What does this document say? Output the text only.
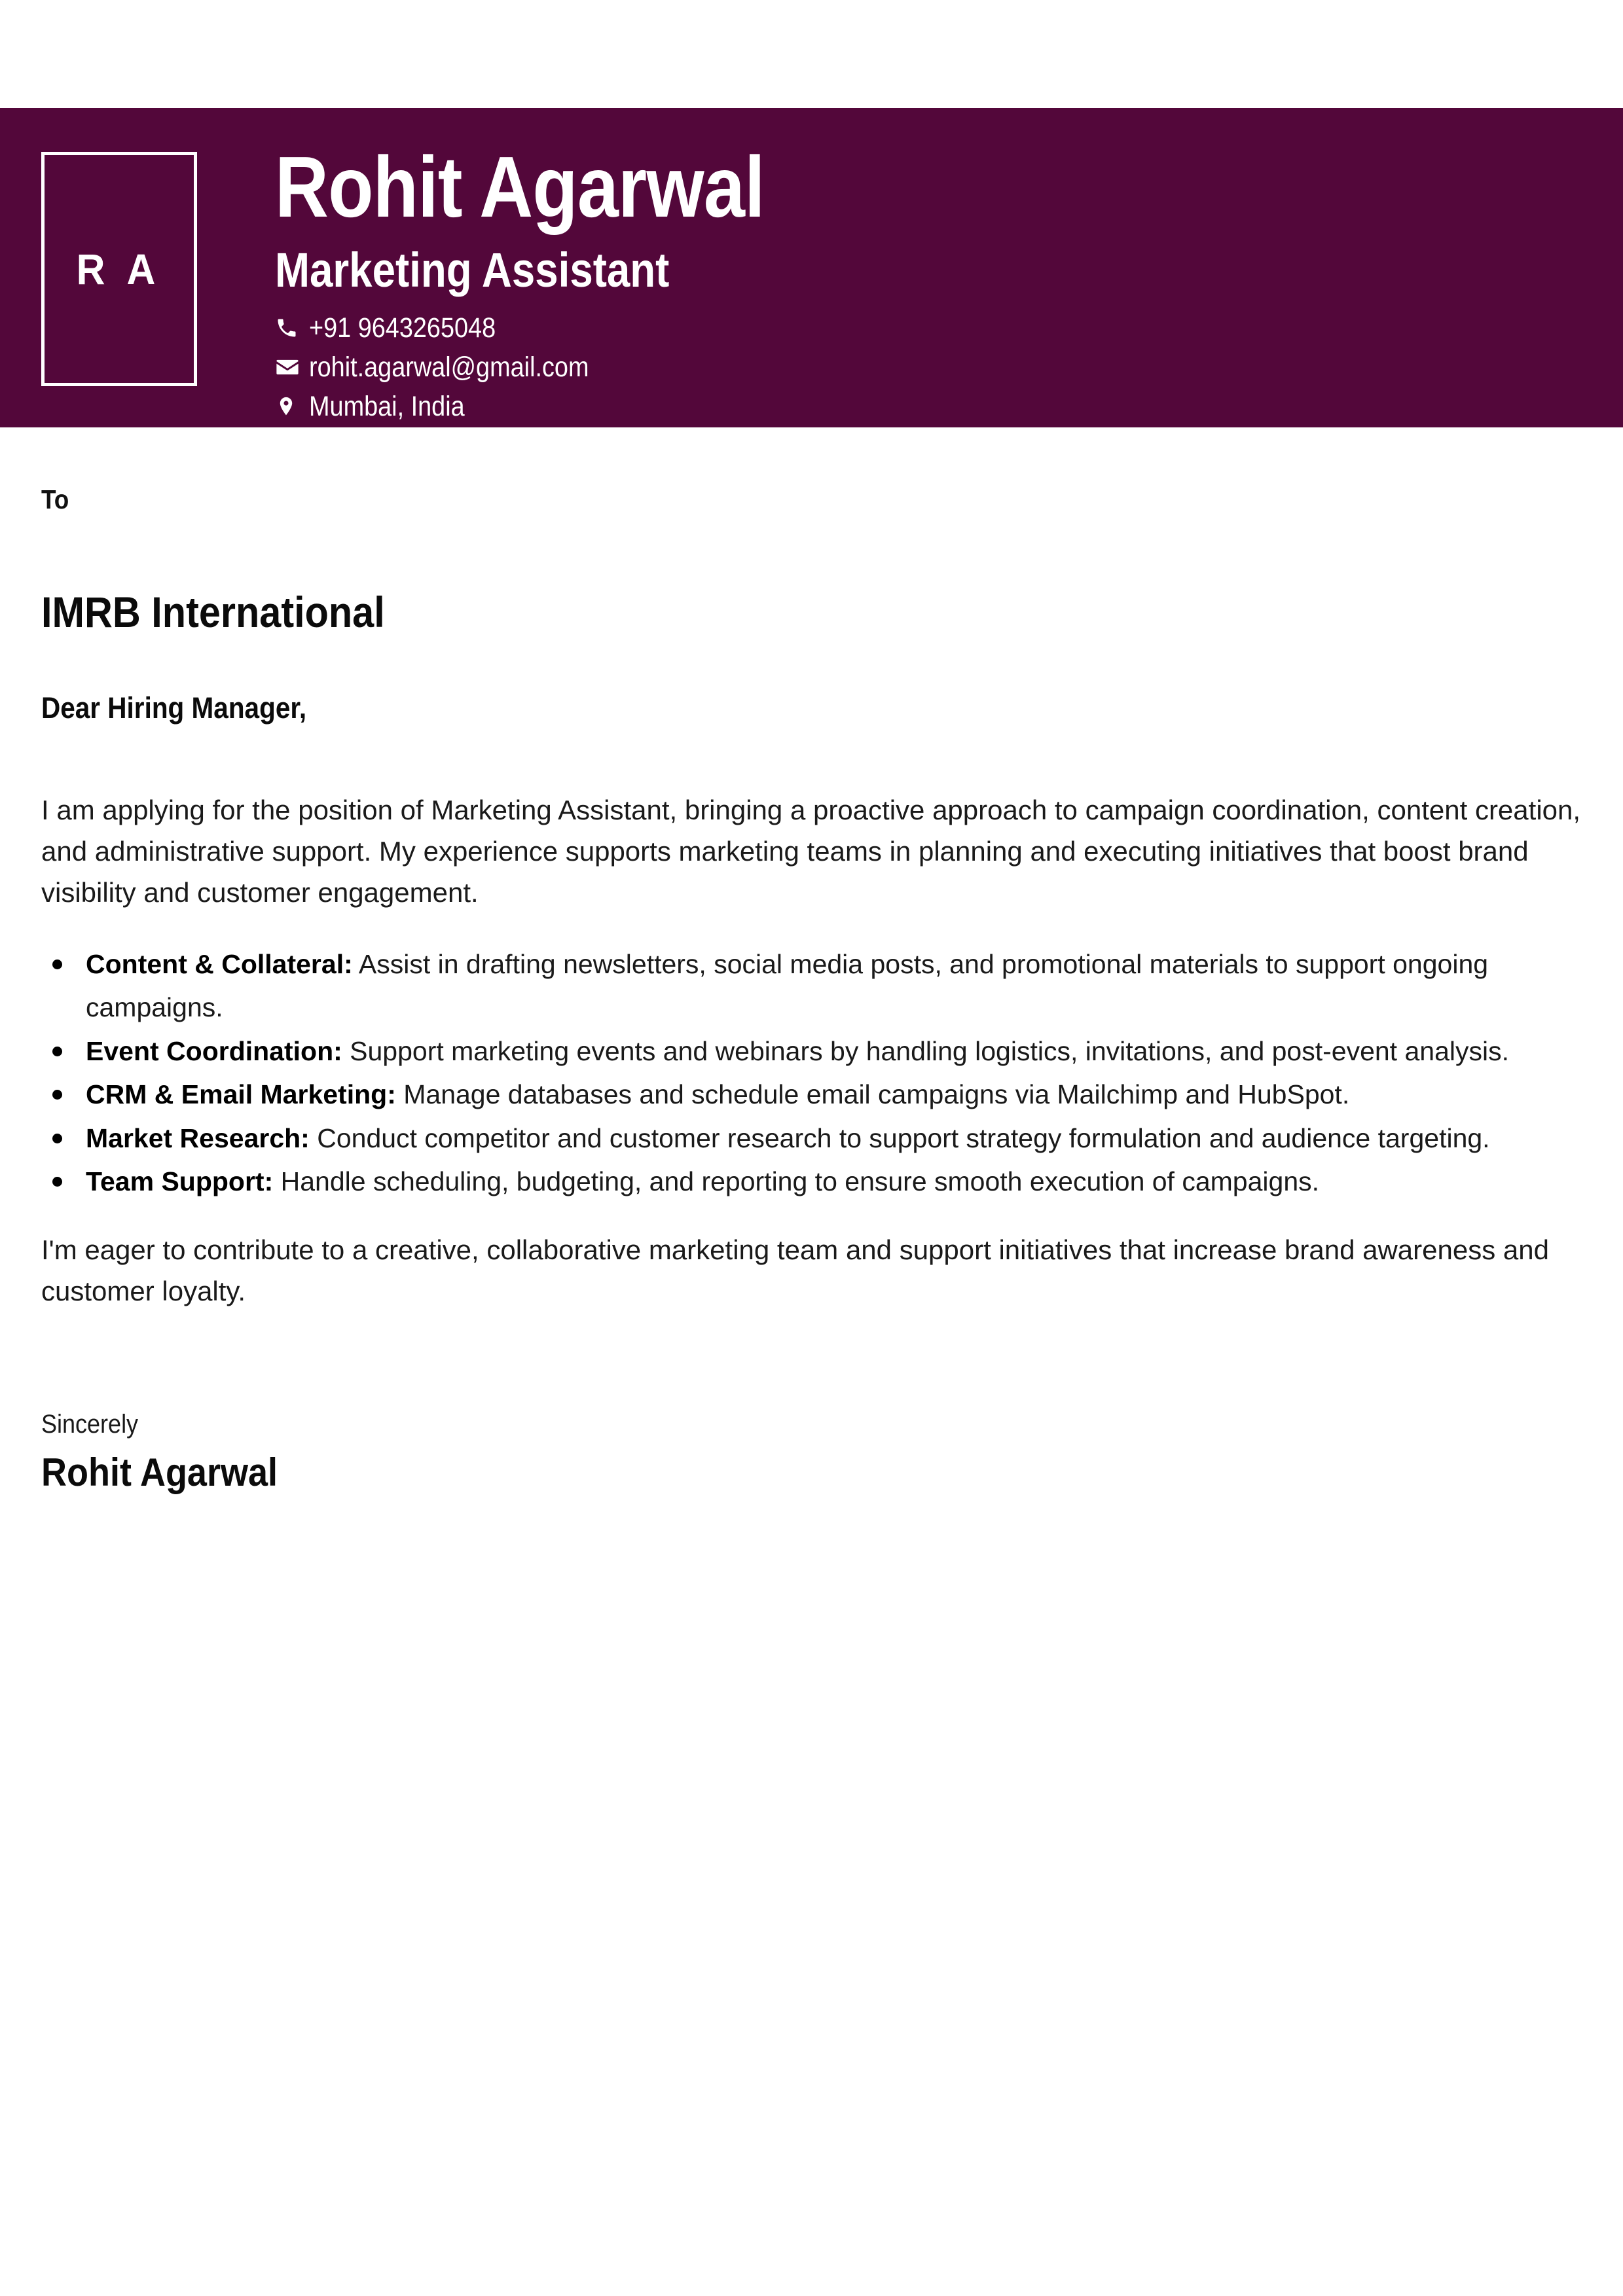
R A
Rohit Agarwal
Marketing Assistant
+91 9643265048
rohit.agarwal@gmail.com
Mumbai, India
To
IMRB International
Dear Hiring Manager,

I am applying for the position of Marketing Assistant, bringing a proactive approach to campaign coordination, content creation, and administrative support. My experience supports marketing teams in planning and executing initiatives that boost brand visibility and customer engagement.

Content & Collateral: Assist in drafting newsletters, social media posts, and promotional materials to support ongoing campaigns.
Event Coordination: Support marketing events and webinars by handling logistics, invitations, and post-event analysis.
CRM & Email Marketing: Manage databases and schedule email campaigns via Mailchimp and HubSpot.
Market Research: Conduct competitor and customer research to support strategy formulation and audience targeting.
Team Support: Handle scheduling, budgeting, and reporting to ensure smooth execution of campaigns.

I'm eager to contribute to a creative, collaborative marketing team and support initiatives that increase brand awareness and customer loyalty.

Sincerely
Rohit Agarwal
